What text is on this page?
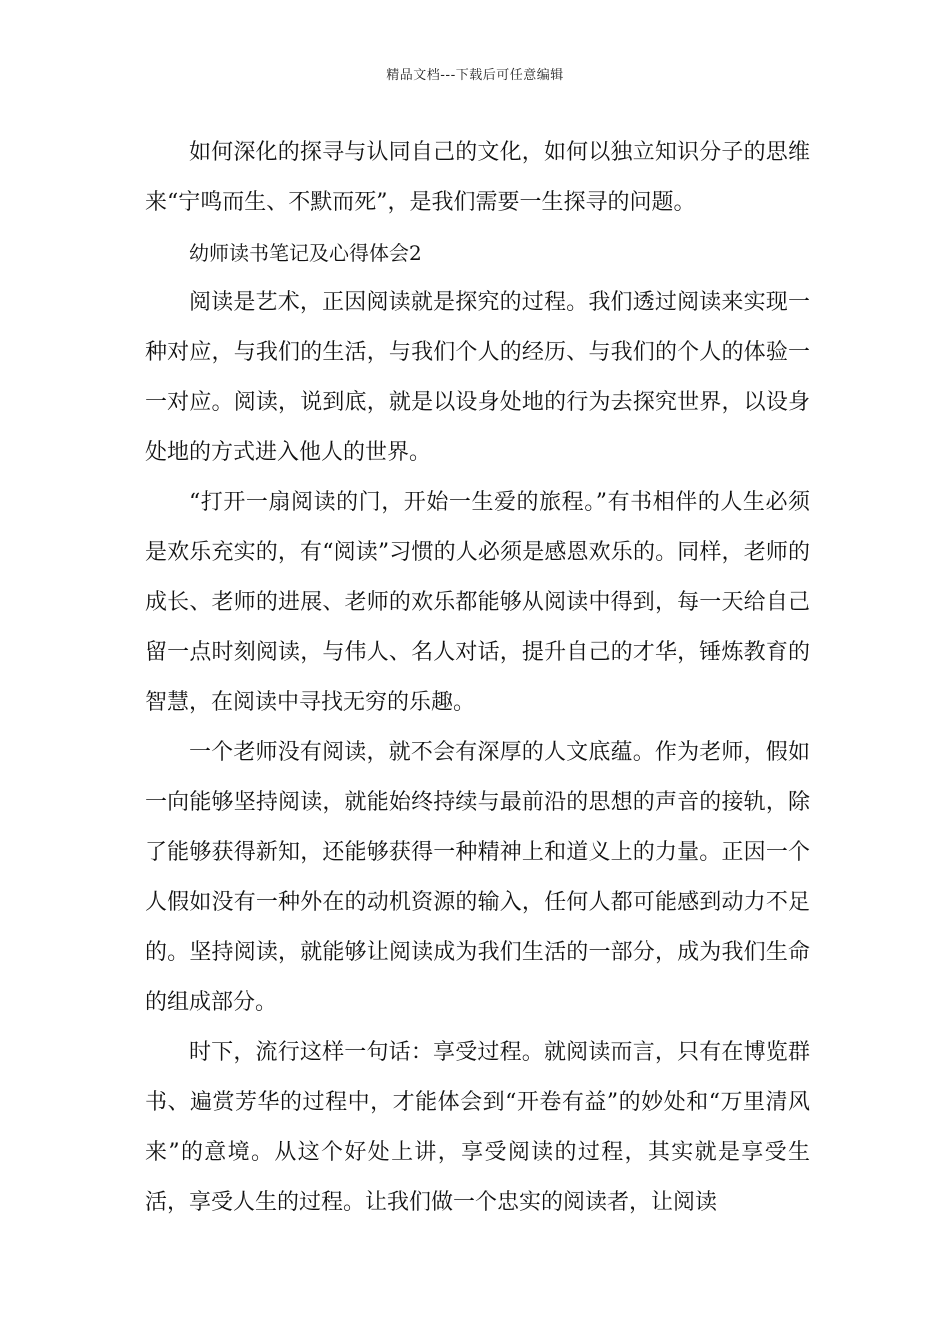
精品文档---下载后可任意编辑

如何深化的探寻与认同自己的文化，如何以独立知识分子的思维来“宁鸣而生、不默而死”，是我们需要一生探寻的问题。

幼师读书笔记及心得体会2

阅读是艺术，正因阅读就是探究的过程。我们透过阅读来实现一种对应，与我们的生活，与我们个人的经历、与我们的个人的体验一一对应。阅读，说到底，就是以设身处地的行为去探究世界，以设身处地的方式进入他人的世界。

“打开一扇阅读的门，开始一生爱的旅程。”有书相伴的人生必须是欢乐充实的，有“阅读”习惯的人必须是感恩欢乐的。同样，老师的成长、老师的进展、老师的欢乐都能够从阅读中得到，每一天给自己留一点时刻阅读，与伟人、名人对话，提升自己的才华，锤炼教育的智慧，在阅读中寻找无穷的乐趣。

一个老师没有阅读，就不会有深厚的人文底蕴。作为老师，假如一向能够坚持阅读，就能始终持续与最前沿的思想的声音的接轨，除了能够获得新知，还能够获得一种精神上和道义上的力量。正因一个人假如没有一种外在的动机资源的输入，任何人都可能感到动力不足的。坚持阅读，就能够让阅读成为我们生活的一部分，成为我们生命的组成部分。

时下，流行这样一句话：享受过程。就阅读而言，只有在博览群书、遍赏芳华的过程中，才能体会到“开卷有益”的妙处和“万里清风来”的意境。从这个好处上讲，享受阅读的过程，其实就是享受生活，享受人生的过程。让我们做一个忠实的阅读者，让阅读
